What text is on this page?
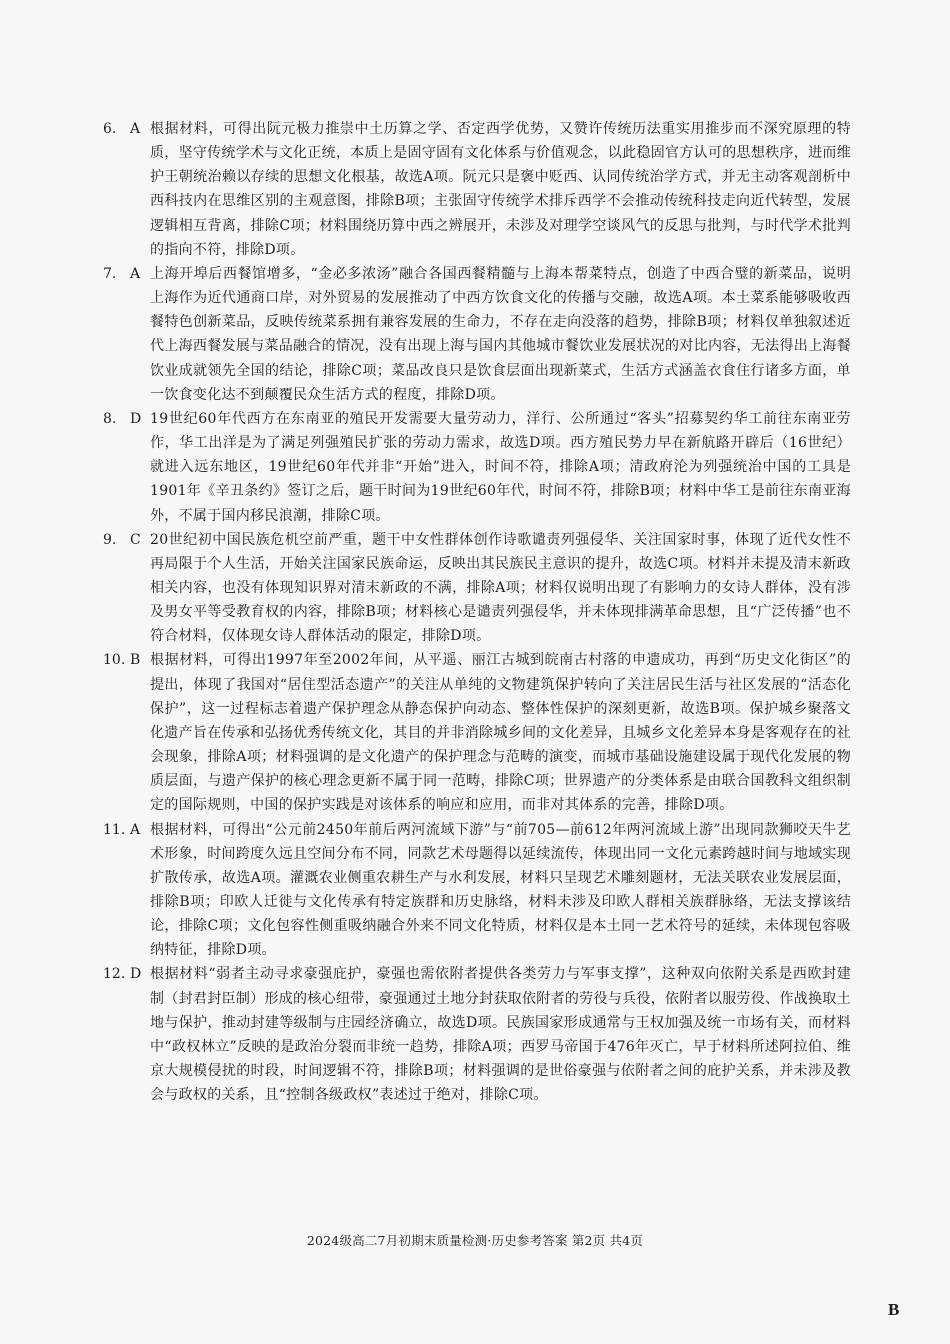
6. A 根据材料，可得出阮元极力推崇中土历算之学、否定西学优势，又赞许传统历法重实用推步而不深究原理的特质，坚守传统学术与文化正统，本质上是固守固有文化体系与价值观念，以此稳固官方认可的思想秩序，进而维护王朝统治赖以存续的思想文化根基，故选A项。阮元只是褒中贬西、认同传统治学方式，并无主动客观剖析中西科技内在思维区别的主观意图，排除B项；主张固守传统学术排斥西学不会推动传统科技走向近代转型，发展逻辑相互背离，排除C项；材料围绕历算中西之辨展开，未涉及对理学空谈风气的反思与批判，与时代学术批判的指向不符，排除D项。

7. A 上海开埠后西餐馆增多，“金必多浓汤”融合各国西餐精髓与上海本帮菜特点，创造了中西合璧的新菜品，说明上海作为近代通商口岸，对外贸易的发展推动了中西方饮食文化的传播与交融，故选A项。本土菜系能够吸收西餐特色创新菜品，反映传统菜系拥有兼容发展的生命力，不存在走向没落的趋势，排除B项；材料仅单独叙述近代上海西餐发展与菜品融合的情况，没有出现上海与国内其他城市餐饮业发展状况的对比内容，无法得出上海餐饮业成就领先全国的结论，排除C项；菜品改良只是饮食层面出现新菜式，生活方式涵盖衣食住行诸多方面，单一饮食变化达不到颠覆民众生活方式的程度，排除D项。

8. D 19世纪60年代西方在东南亚的殖民开发需要大量劳动力，洋行、公所通过“客头”招募契约华工前往东南亚劳作，华工出洋是为了满足列强殖民扩张的劳动力需求，故选D项。西方殖民势力早在新航路开辟后（16世纪）就进入远东地区，19世纪60年代并非“开始”进入，时间不符，排除A项；清政府沦为列强统治中国的工具是1901年《辛丑条约》签订之后，题干时间为19世纪60年代，时间不符，排除B项；材料中华工是前往东南亚海外，不属于国内移民浪潮，排除C项。

9. C 20世纪初中国民族危机空前严重，题干中女性群体创作诗歌谴责列强侵华、关注国家时事，体现了近代女性不再局限于个人生活，开始关注国家民族命运，反映出其民族民主意识的提升，故选C项。材料并未提及清末新政相关内容，也没有体现知识界对清末新政的不满，排除A项；材料仅说明出现了有影响力的女诗人群体，没有涉及男女平等受教育权的内容，排除B项；材料核心是谴责列强侵华，并未体现排满革命思想，且“广泛传播”也不符合材料，仅体现女诗人群体活动的限定，排除D项。

10. B 根据材料，可得出1997年至2002年间，从平遥、丽江古城到皖南古村落的申遗成功，再到“历史文化街区”的提出，体现了我国对“居住型活态遗产”的关注从单纯的文物建筑保护转向了关注居民生活与社区发展的“活态化保护”，这一过程标志着遗产保护理念从静态保护向动态、整体性保护的深刻更新，故选B项。保护城乡聚落文化遗产旨在传承和弘扬优秀传统文化，其目的并非消除城乡间的文化差异，且城乡文化差异本身是客观存在的社会现象，排除A项；材料强调的是文化遗产的保护理念与范畴的演变，而城市基础设施建设属于现代化发展的物质层面，与遗产保护的核心理念更新不属于同一范畴，排除C项；世界遗产的分类体系是由联合国教科文组织制定的国际规则，中国的保护实践是对该体系的响应和应用，而非对其体系的完善，排除D项。

11. A 根据材料，可得出“公元前2450年前后两河流域下游”与“前705—前612年两河流域上游”出现同款狮咬天牛艺术形象，时间跨度久远且空间分布不同，同款艺术母题得以延续流传，体现出同一文化元素跨越时间与地域实现扩散传承，故选A项。灌溉农业侧重农耕生产与水利发展，材料只呈现艺术雕刻题材，无法关联农业发展层面，排除B项；印欧人迁徙与文化传承有特定族群和历史脉络，材料未涉及印欧人群相关族群脉络，无法支撑该结论，排除C项；文化包容性侧重吸纳融合外来不同文化特质，材料仅是本土同一艺术符号的延续，未体现包容吸纳特征，排除D项。

12. D 根据材料“弱者主动寻求豪强庇护，豪强也需依附者提供各类劳力与军事支撑”，这种双向依附关系是西欧封建制（封君封臣制）形成的核心纽带，豪强通过土地分封获取依附者的劳役与兵役，依附者以服劳役、作战换取土地与保护，推动封建等级制与庄园经济确立，故选D项。民族国家形成通常与王权加强及统一市场有关，而材料中“政权林立”反映的是政治分裂而非统一趋势，排除A项；西罗马帝国于476年灭亡，早于材料所述阿拉伯、维京大规模侵扰的时段，时间逻辑不符，排除B项；材料强调的是世俗豪强与依附者之间的庇护关系，并未涉及教会与政权的关系，且“控制各级政权”表述过于绝对，排除C项。

2024级高二7月初期末质量检测·历史参考答案 第2页 共4页
B
